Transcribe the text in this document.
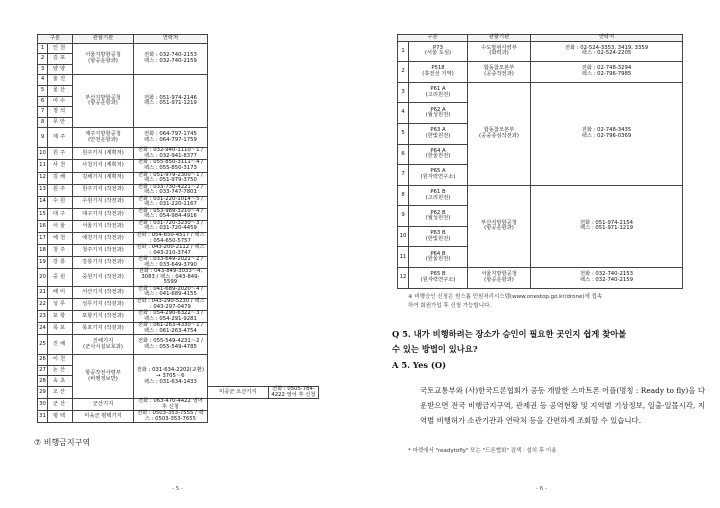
구분		관할기관	연락처		
1	인천	서울지방항공청
(항공운항과)	전화 : 032-740-2153
팩스 : 032-740-2159		
2	김포				
3	양양				
4	울진	부산지방항공청
(항공운항과)	전화 : 051-974-2146
팩스 : 051-971-1219		
5	울산				
6	여수				
7	정석				
8	무안				
9	제주	제주지방항공청
(안전운항과)	전화 : 064-797-1745
팩스 : 064-797-1759		
10	원주	원주기지 (계획처)	전화 : 032-940-1110～1 / 팩스 : 032-941-8377		
11	사천	사천기지 (계획처)	전화 : 055-850-3111～4 / 팩스 : 055-850-3173		
12	김해	김해기지 (계획처)	전화 : 051-979-2300～1 / 팩스 : 051-979-3750		
13	원주	원주기지 (작전과)	전화 : 033-730-4221～2 / 팩스 : 033-747-7801		
14	수원	수원기지 (작전과)	전화 : 031-220-1014～5 / 팩스 : 031-220-1167		
15	대구	대구기지 (작전과)	전화 : 053-989-3210～4 / 팩스 : 054-984-4916		
16	서울	서울기지 (작전과)	전화 : 031-720-3230～3 / 팩스 : 031-720-4459		
17	예천	예천기지 (작전과)	전화 : 054-650-4517 / 팩스 : 054-650-5757		
18	청주	청주기지 (작전과)	전화 : 043-200-2112 / 팩스 : 043-210-3747		
19	강릉	강릉기지 (작전과)	전화 : 033-649-2021～2 / 팩스 : 033-649-3790		
20	중원	중원기지 (작전과)	전화 : 043-849-3033～4, 3083 / 팩스 : 043-849-5599		
21	해미	서산기지 (작전과)	전화 : 041-689-2020～4 / 팩스 : 041-689-4155		
22	성무	성무기지 (작전과)	전화 : 043-290-5230 / 팩스 : 043-297-0479		
23	포항	포항기지 (작전과)	전화 : 054-290-6322～3 / 팩스 : 054-291-9281		
24	목포	목포기지 (작전과)	전화 : 061-263-4330～1 / 팩스 : 061-263-4754		
25	진해	진해기지
(군사시설보호과)	전화 : 055-549-4231～2 / 팩스 : 055-549-4785		
26	이천	항공작전사령부
(비행정보반)	전화 : 031-634-2202(교환) → 3705～6
팩스 : 031-634-1433		
27	논산				
28	속초				
29	오산			미공군 오산기지	전화 : 0505-784-4222 영어 후 신청
30	군산	군산기지	전화 : 063-470-4422 영어 후 신청		
31	평택	미육군 평택기지	전화 : 0503-353-7555 / 팩스 : 0503-353-7655		
⑦ 비행금지구역
- 5 -	- 6 -
구분		관할기관	연락처
1	P73
(서울 도심)	수도방위사령부
(화력과)	전화 : 02-524-3353, 3419, 3359
팩스 : 02-524-2205
2	P518
(휴전선 지역)	합동참모본부
(공중작전과)	전화 : 02-748-3294
팩스 : 02-796-7985
3	P61 A
(고리원전)	합동참모본부
(공중종심작전과)	전화 : 02-748-3435
팩스 : 02-796-0369
4	P62 A
(월성원전)		
5	P63 A
(한빛원전)		
6	P64 A
(한울원전)		
7	P65 A
(원자력연구소)		
8	P61 B
(고리원전)	부산지방항공청
(항공운항과)	전화 : 051-974-2154
팩스 : 051-971-1219
9	P62 B
(월성원전)		
10	P63 B
(한빛원전)		
11	P64 B
(한울원전)		
12	P65 B
(원자력연구소)	서울지방항공청
(항공운항과)	전화 : 032-740-2153
팩스 : 032-740-2159
※ 비행승인 신청은 원스톱 민원처리시스템(www.onestop.go.kr/drone)에 접속
하여 회원가입 후 신청 가능합니다.
Q 5. 내가 비행하려는 장소가 승인이 필요한 곳인지 쉽게 찾아볼
수 있는 방법이 있나요?
A 5. Yes (O)
국토교통부와 (사)한국드론협회가 공동 개발한 스마트폰 어플(명칭 : Ready to fly)을 다운받으면 전국 비행금지구역, 관제권 등 공역현황 및 지역별 기상정보, 일출·일몰시각, 지역별 비행허가 소관기관과 연락처 등을 간편하게 조회할 수 있습니다.
* 마켓에서 "readytofly" 또는 "드론협회" 검색 · 설치 후 이용
